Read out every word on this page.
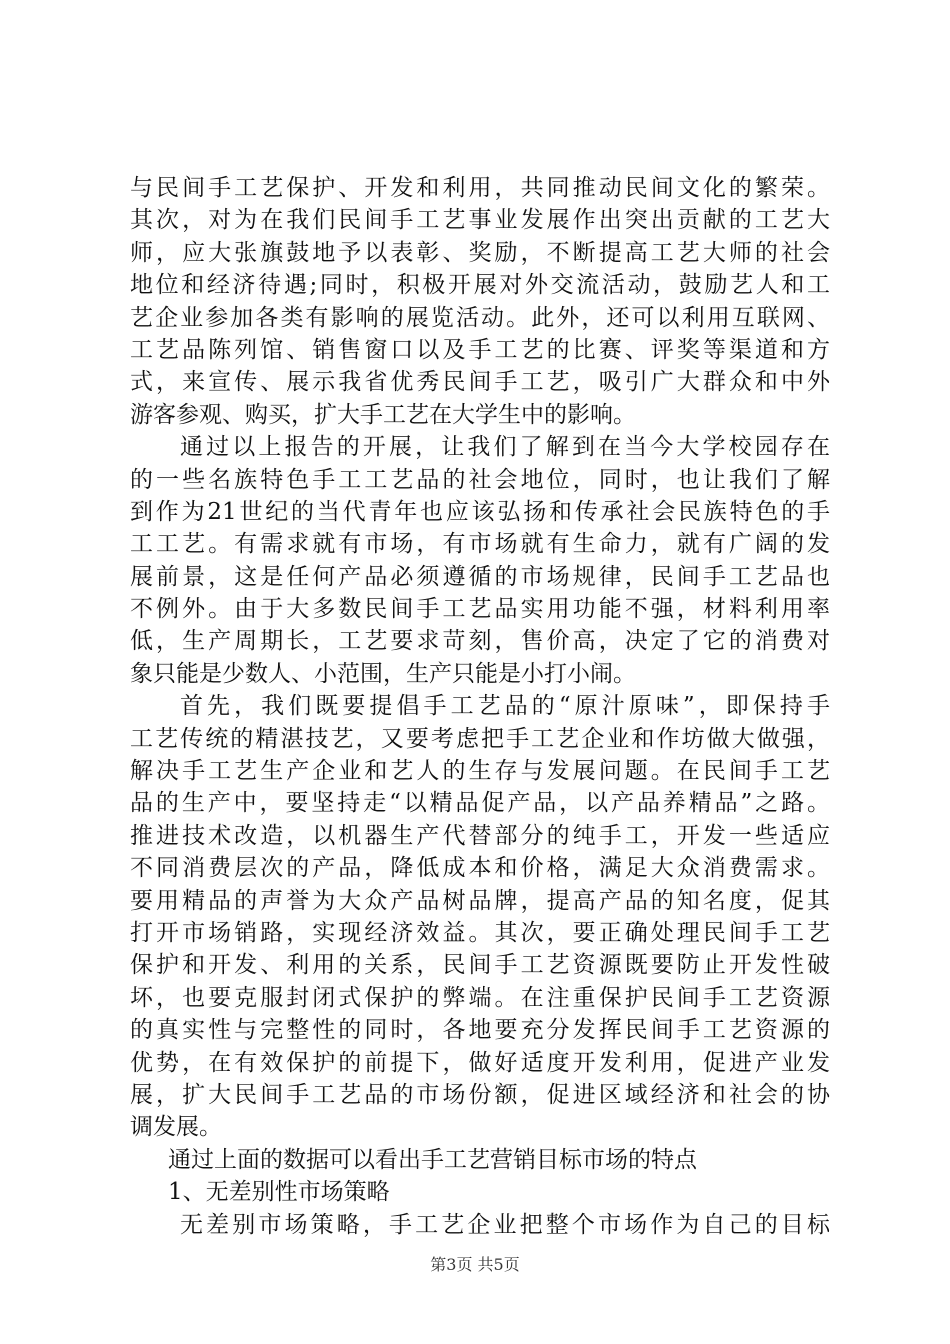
与民间手工艺保护、开发和利用，共同推动民间文化的繁荣。
其次，对为在我们民间手工艺事业发展作出突出贡献的工艺大
师，应大张旗鼓地予以表彰、奖励，不断提高工艺大师的社会
地位和经济待遇;同时，积极开展对外交流活动，鼓励艺人和工
艺企业参加各类有影响的展览活动。此外，还可以利用互联网、
工艺品陈列馆、销售窗口以及手工艺的比赛、评奖等渠道和方
式，来宣传、展示我省优秀民间手工艺，吸引广大群众和中外
游客参观、购买，扩大手工艺在大学生中的影响。
通过以上报告的开展，让我们了解到在当今大学校园存在
的一些名族特色手工工艺品的社会地位，同时，也让我们了解
到作为21世纪的当代青年也应该弘扬和传承社会民族特色的手
工工艺。有需求就有市场，有市场就有生命力，就有广阔的发
展前景，这是任何产品必须遵循的市场规律，民间手工艺品也
不例外。由于大多数民间手工艺品实用功能不强，材料利用率
低，生产周期长，工艺要求苛刻，售价高，决定了它的消费对
象只能是少数人、小范围，生产只能是小打小闹。
首先，我们既要提倡手工艺品的“原汁原味”，即保持手
工艺传统的精湛技艺，又要考虑把手工艺企业和作坊做大做强，
解决手工艺生产企业和艺人的生存与发展问题。在民间手工艺
品的生产中，要坚持走“以精品促产品，以产品养精品”之路。
推进技术改造，以机器生产代替部分的纯手工，开发一些适应
不同消费层次的产品，降低成本和价格，满足大众消费需求。
要用精品的声誉为大众产品树品牌，提高产品的知名度，促其
打开市场销路，实现经济效益。其次，要正确处理民间手工艺
保护和开发、利用的关系，民间手工艺资源既要防止开发性破
坏，也要克服封闭式保护的弊端。在注重保护民间手工艺资源
的真实性与完整性的同时，各地要充分发挥民间手工艺资源的
优势，在有效保护的前提下，做好适度开发利用，促进产业发
展，扩大民间手工艺品的市场份额，促进区域经济和社会的协
调发展。
通过上面的数据可以看出手工艺营销目标市场的特点
1、无差别性市场策略
无差别市场策略，手工艺企业把整个市场作为自己的目标
第3页 共5页
